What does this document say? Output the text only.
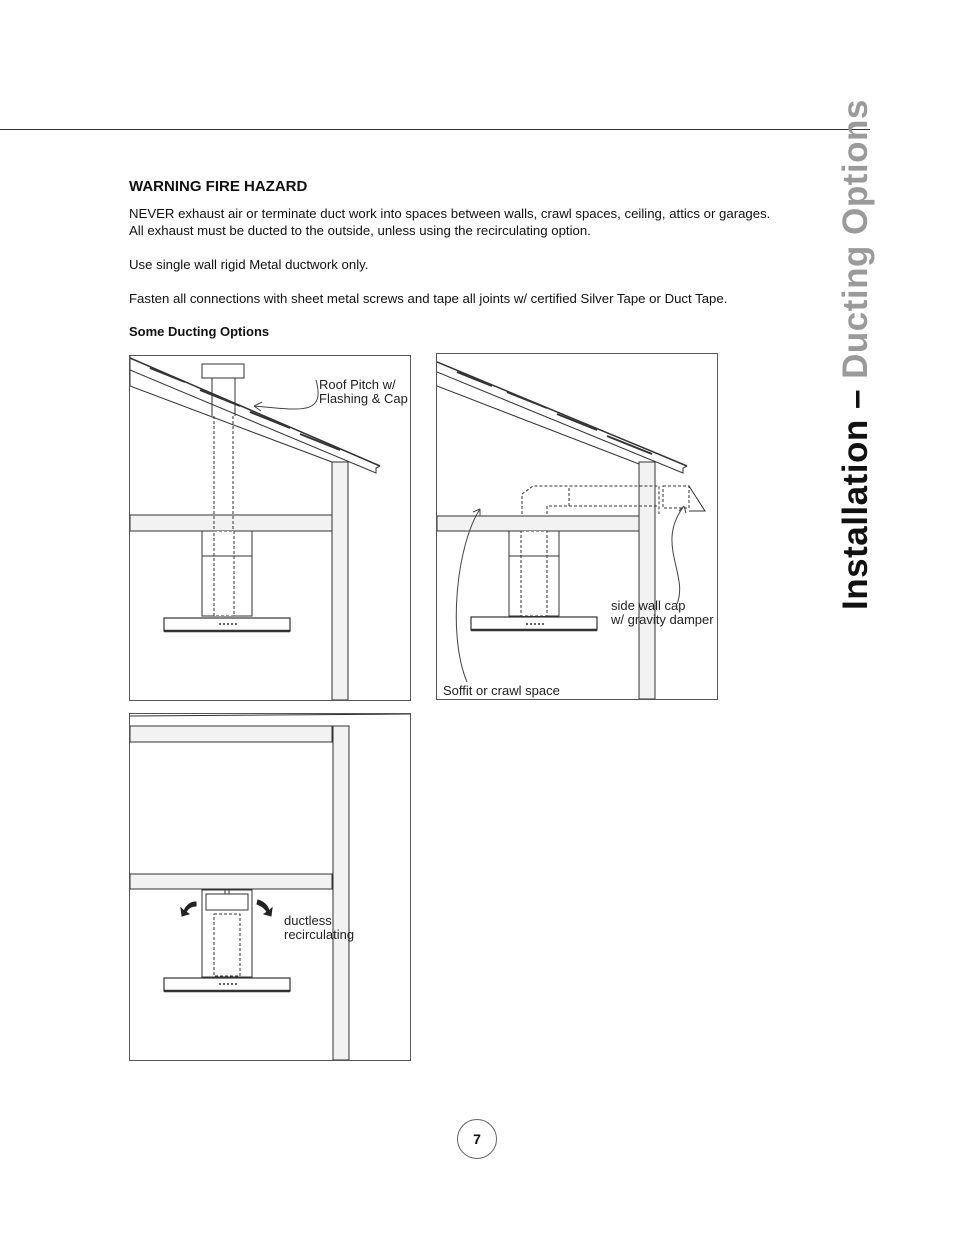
Installation – Ducting Options
WARNING FIRE HAZARD

NEVER exhaust air or terminate duct work into spaces between walls, crawl spaces, ceiling, attics or garages.
All exhaust must be ducted to the outside, unless using the recirculating option.

Use single wall rigid Metal ductwork only.

Fasten all connections with sheet metal screws and tape all joints w/ certified Silver Tape or Duct Tape.

Some Ducting Options
Roof Pitch w/
Flashing & Cap
side wall cap
w/ gravity damper
Soffit or crawl space
ductless
recirculating
7
